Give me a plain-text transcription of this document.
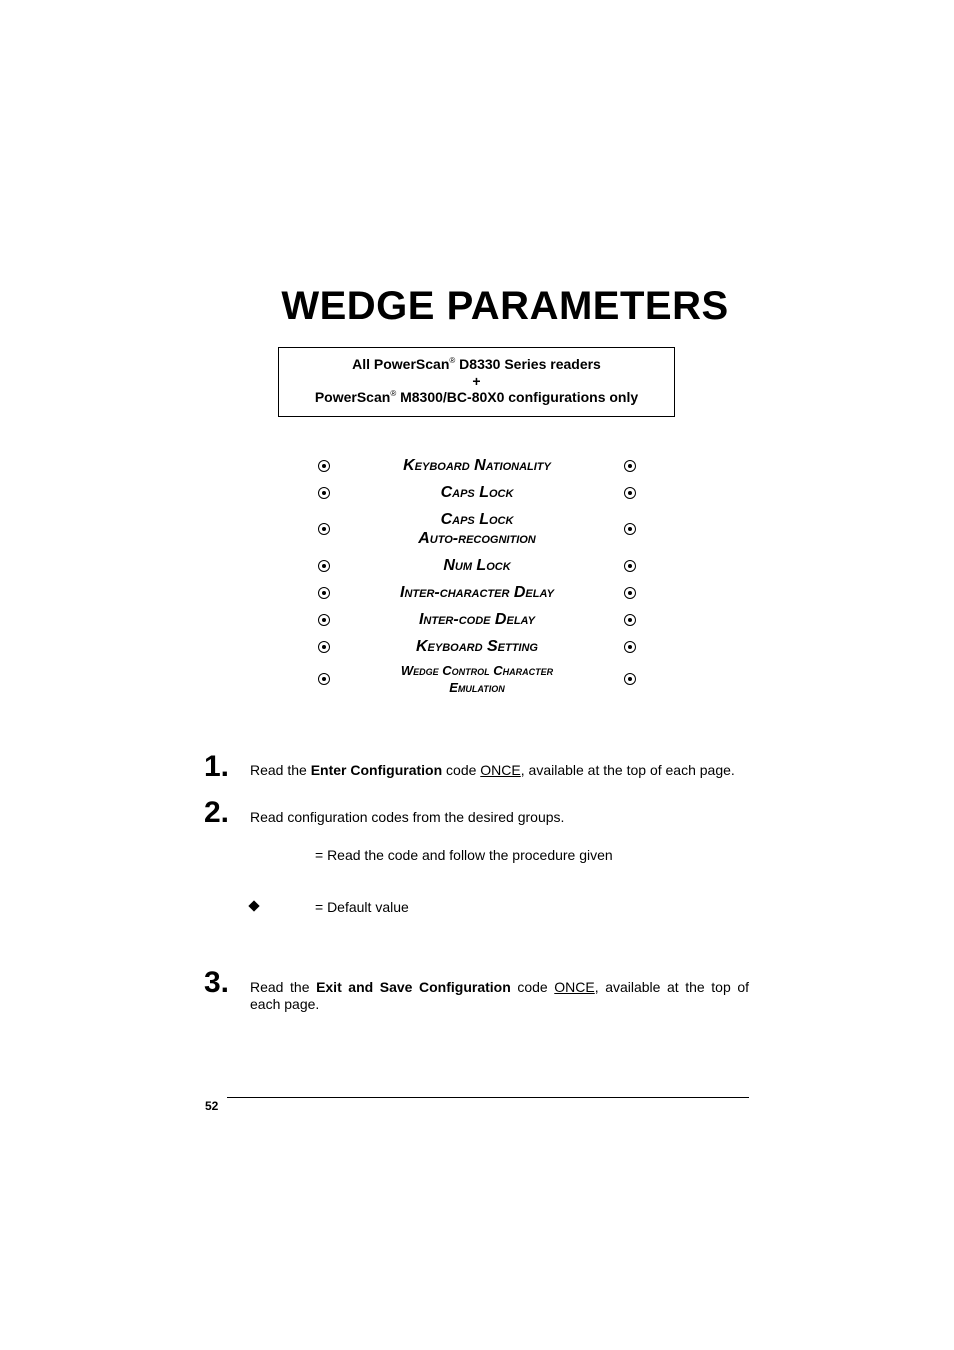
WEDGE PARAMETERS
All PowerScan® D8330 Series readers
+
PowerScan® M8300/BC-80X0 configurations only
Keyboard Nationality
Caps Lock
Caps Lock
Auto-recognition
Num Lock
Inter-character Delay
Inter-code Delay
Keyboard Setting
Wedge Control Character
Emulation
1. Read the Enter Configuration code ONCE, available at the top of each page.
2. Read configuration codes from the desired groups.
= Read the code and follow the procedure given
= Default value
3. Read the Exit and Save Configuration code ONCE, available at the top of each page.
52
